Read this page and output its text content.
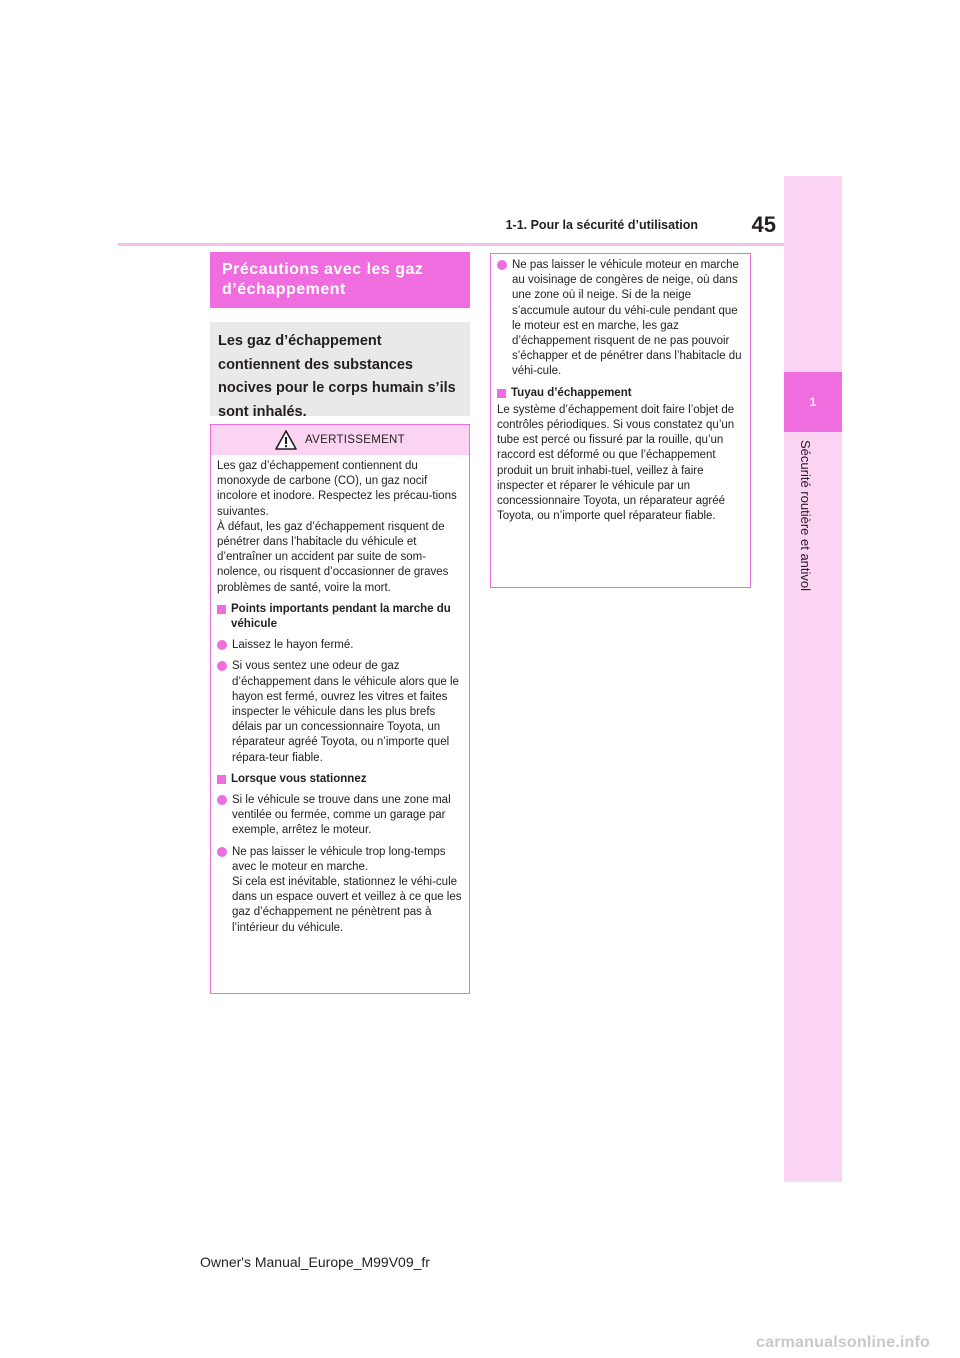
1
Sécurité routière et antivol
45
1-1. Pour la sécurité d’utilisation
Précautions avec les gaz
d’échappement
Les gaz d’échappement
contiennent des substances
nocives pour le corps humain s’ils
sont inhalés.
AVERTISSEMENT
Les gaz d’échappement contiennent du monoxyde de carbone (CO), un gaz nocif incolore et inodore. Respectez les précau-tions suivantes.
À défaut, les gaz d’échappement risquent de pénétrer dans l’habitacle du véhicule et d’entraîner un accident par suite de som-nolence, ou risquent d’occasionner de graves problèmes de santé, voire la mort.
Points importants pendant la marche du véhicule
Laissez le hayon fermé.
Si vous sentez une odeur de gaz d’échappement dans le véhicule alors que le hayon est fermé, ouvrez les vitres et faites inspecter le véhicule dans les plus brefs délais par un concessionnaire Toyota, un réparateur agréé Toyota, ou n’importe quel répara-teur fiable.
Lorsque vous stationnez
Si le véhicule se trouve dans une zone mal ventilée ou fermée, comme un garage par exemple, arrêtez le moteur.
Ne pas laisser le véhicule trop long-temps avec le moteur en marche.
Si cela est inévitable, stationnez le véhi-cule dans un espace ouvert et veillez à ce que les gaz d’échappement ne pénètrent pas à l’intérieur du véhicule.
Ne pas laisser le véhicule moteur en marche au voisinage de congères de neige, où dans une zone où il neige. Si de la neige s’accumule autour du véhi-cule pendant que le moteur est en marche, les gaz d’échappement risquent de ne pas pouvoir s’échapper et de pénétrer dans l’habitacle du véhi-cule.
Tuyau d’échappement
Le système d’échappement doit faire l’objet de contrôles périodiques. Si vous constatez qu’un tube est percé ou fissuré par la rouille, qu’un raccord est déformé ou que l’échappement produit un bruit inhabi-tuel, veillez à faire inspecter et réparer le véhicule par un concessionnaire Toyota, un réparateur agréé Toyota, ou n’importe quel réparateur fiable.
Owner's Manual_Europe_M99V09_fr
carmanualsonline.info
